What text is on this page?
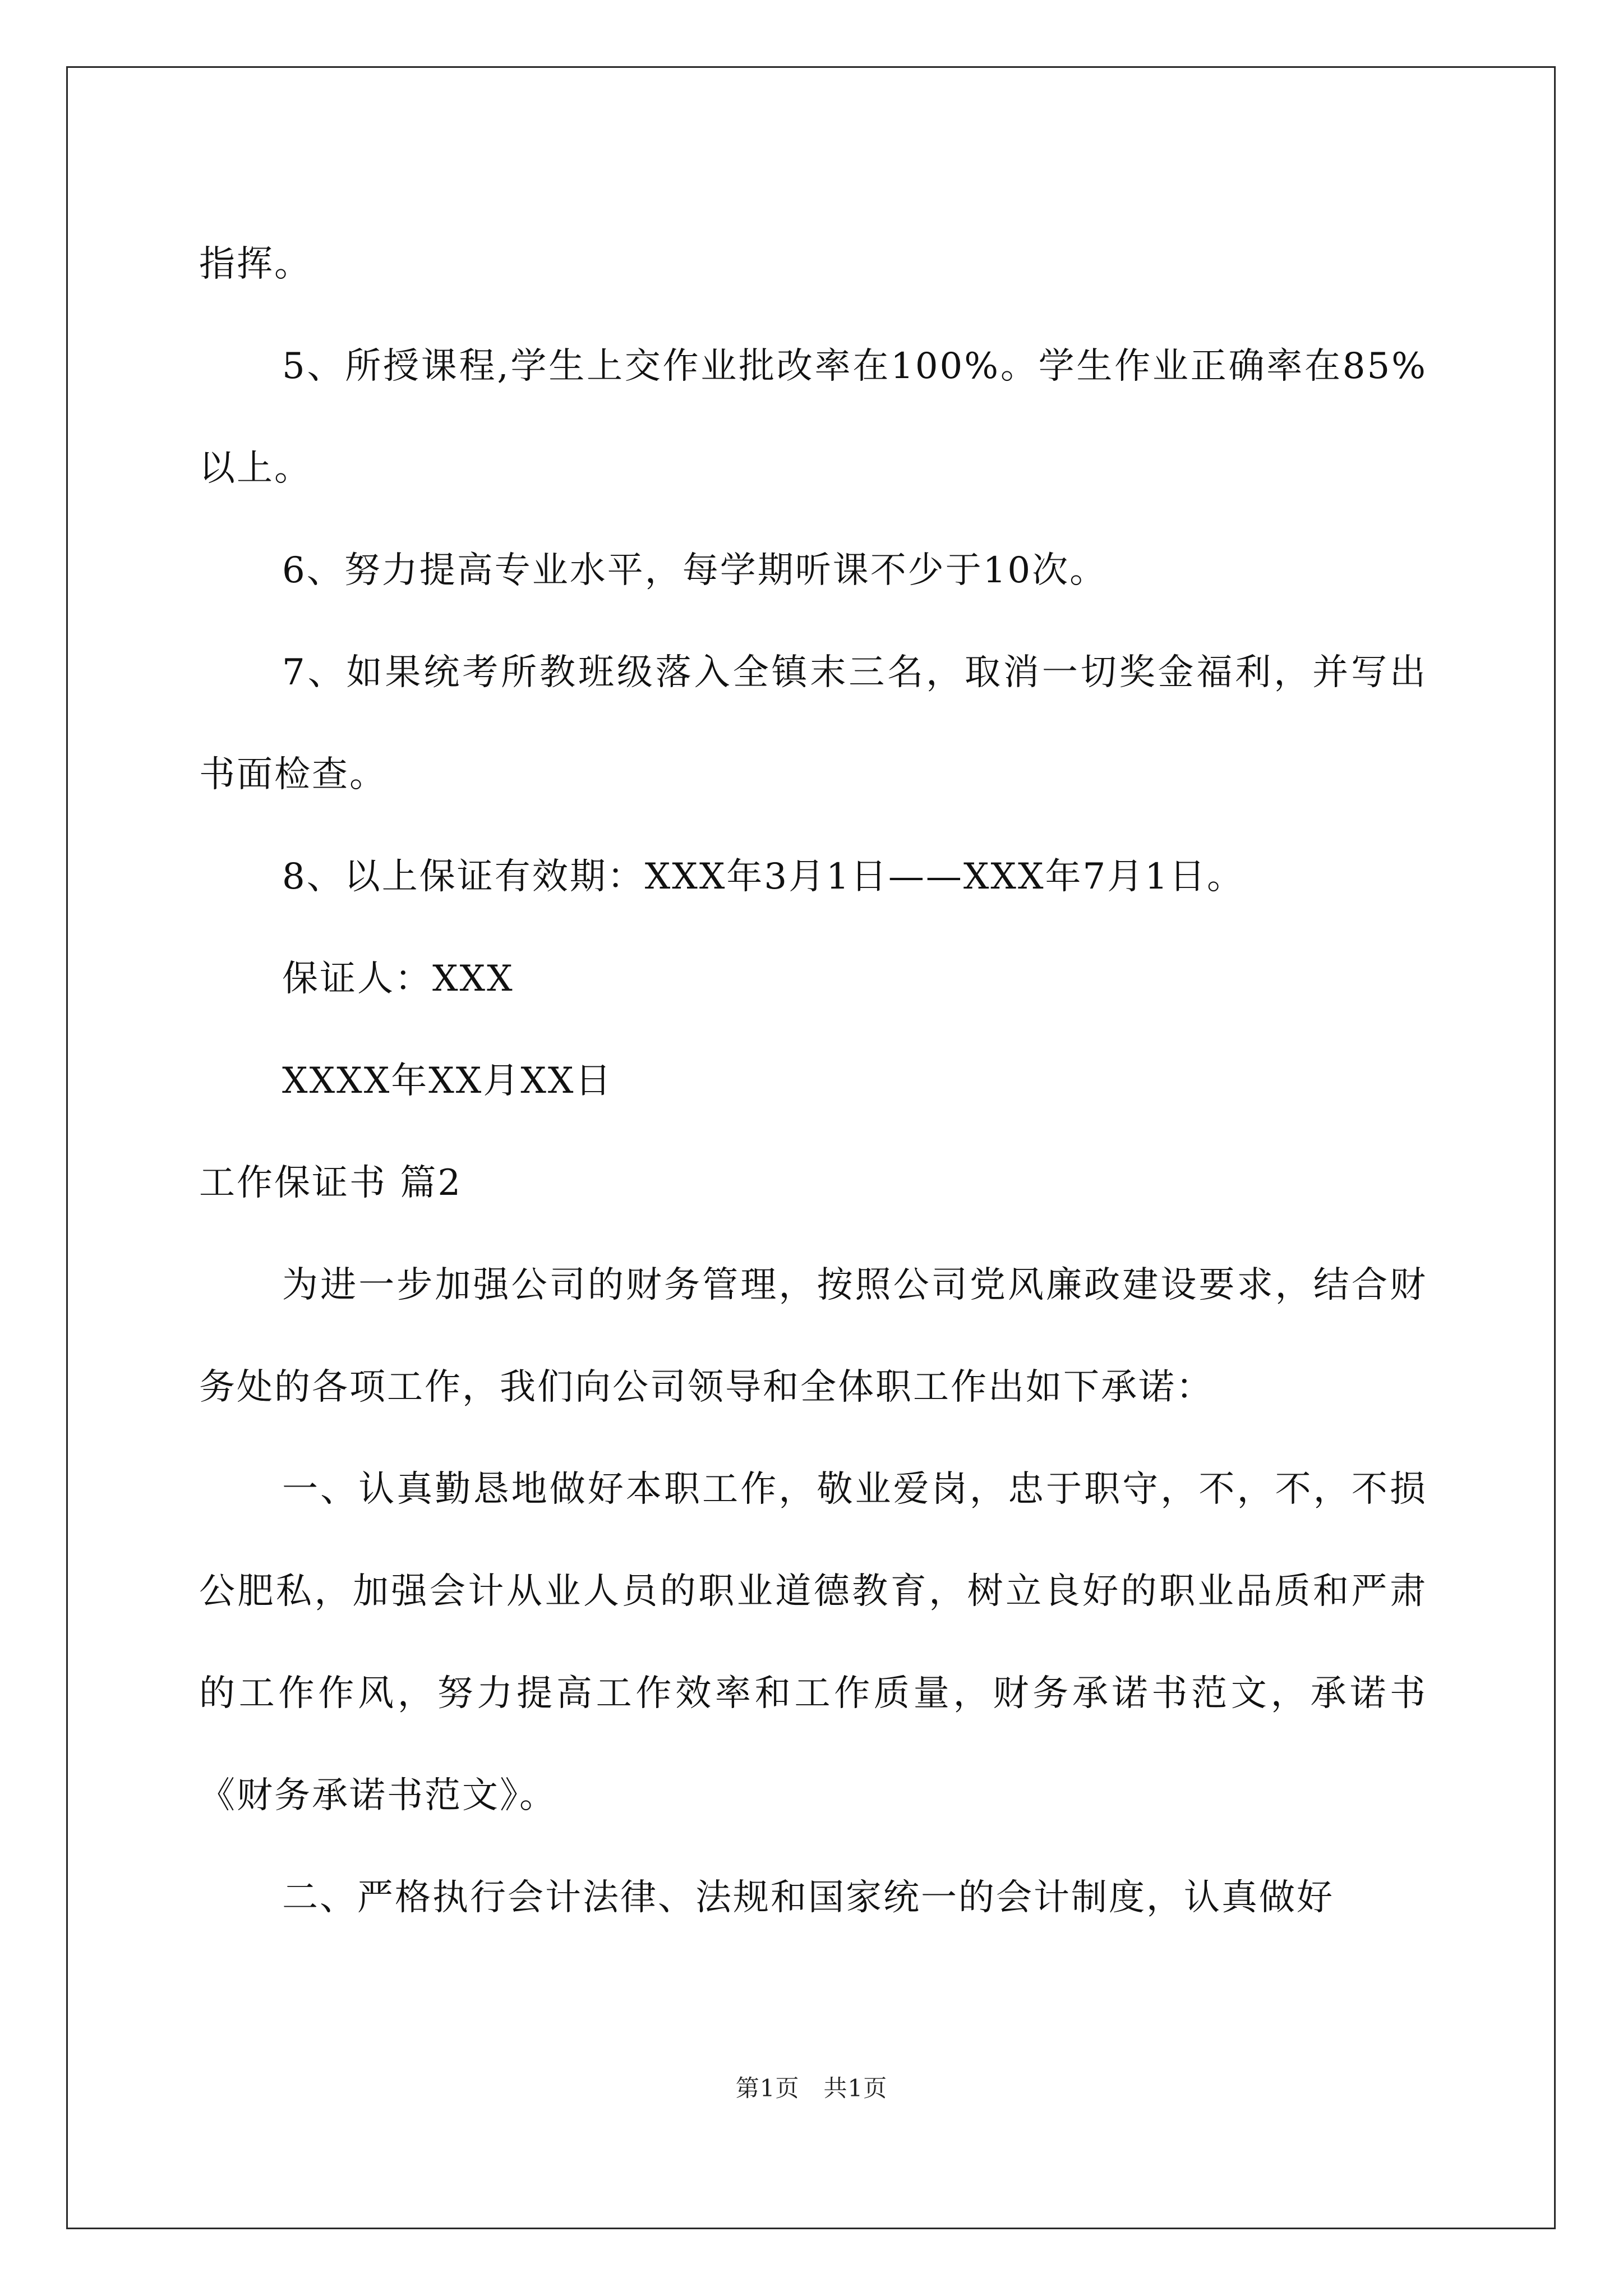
指挥。

5、所授课程,学生上交作业批改率在100%。学生作业正确率在85%以上。

6、努力提高专业水平，每学期听课不少于10次。

7、如果统考所教班级落入全镇末三名，取消一切奖金福利，并写出书面检查。

8、以上保证有效期：XXX年3月1日——XXX年7月1日。

保证人：XXX

XXXX年XX月XX日

工作保证书 篇2

为进一步加强公司的财务管理，按照公司党风廉政建设要求，结合财务处的各项工作，我们向公司领导和全体职工作出如下承诺：

一、认真勤恳地做好本职工作，敬业爱岗，忠于职守，不，不，不损公肥私，加强会计从业人员的职业道德教育，树立良好的职业品质和严肃的工作作风，努力提高工作效率和工作质量，财务承诺书范文，承诺书《财务承诺书范文》。

二、严格执行会计法律、法规和国家统一的会计制度，认真做好

第1页　共1页
